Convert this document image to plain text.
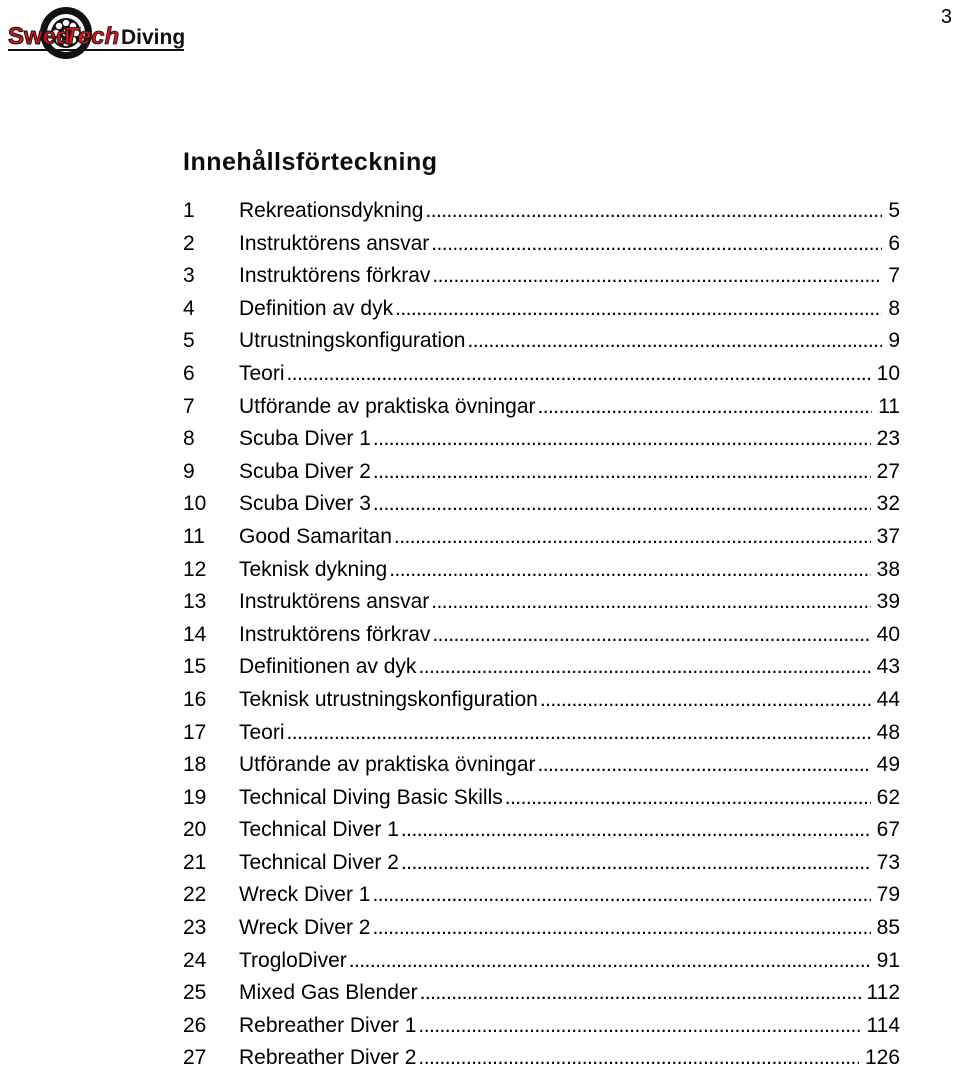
3
Swed
Tech Diving
Innehållsförteckning
1	Rekreationsdykning . . .	5
2	Instruktörens ansvar . . .	6
3	Instruktörens förkrav . . .	7
4	Definition av dyk . . .	8
5	Utrustningskonfiguration . . .	9
6	Teori . . .	10
7	Utförande av praktiska övningar . . .	11
8	Scuba Diver 1 . . .	23
9	Scuba Diver 2 . . .	27
10	Scuba Diver 3 . . .	32
11	Good Samaritan . . .	37
12	Teknisk dykning . . .	38
13	Instruktörens ansvar . . .	39
14	Instruktörens förkrav . . .	40
15	Definitionen av dyk . . .	43
16	Teknisk utrustningskonfiguration . . .	44
17	Teori . . .	48
18	Utförande av praktiska övningar . . .	49
19	Technical Diving Basic Skills . . .	62
20	Technical Diver 1 . . .	67
21	Technical Diver 2 . . .	73
22	Wreck Diver 1 . . .	79
23	Wreck Diver 2 . . .	85
24	TrogloDiver . . .	91
25	Mixed Gas Blender . . .	112
26	Rebreather Diver 1 . . .	114
27	Rebreather Diver 2 . . .	126
